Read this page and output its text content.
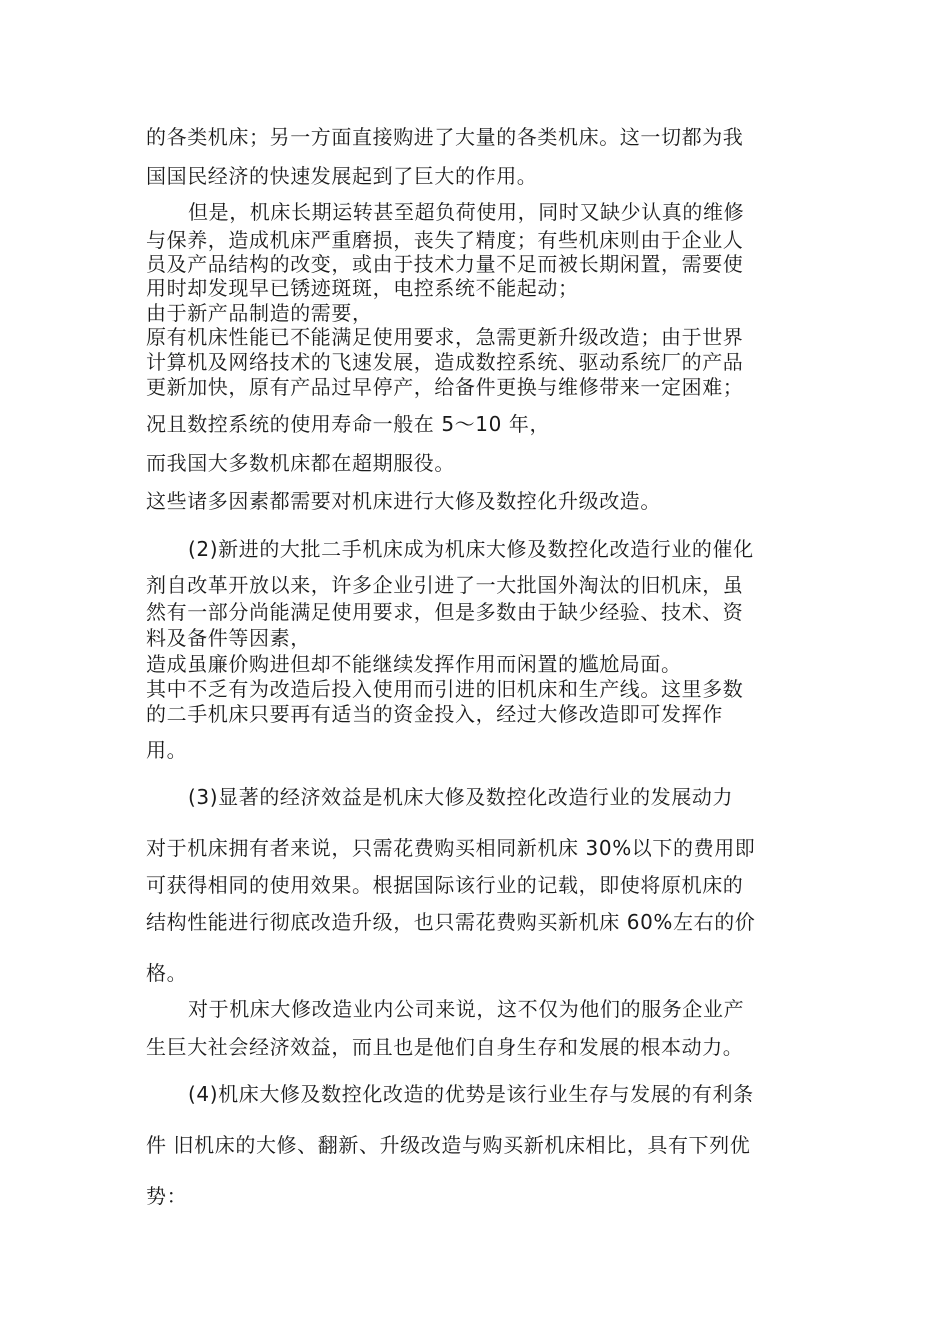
的各类机床；另一方面直接购进了大量的各类机床。这一切都为我
国国民经济的快速发展起到了巨大的作用。
但是，机床长期运转甚至超负荷使用，同时又缺少认真的维修
与保养，造成机床严重磨损，丧失了精度；有些机床则由于企业人
员及产品结构的改变，或由于技术力量不足而被长期闲置，需要使
用时却发现早已锈迹斑斑，电控系统不能起动；
由于新产品制造的需要，
原有机床性能已不能满足使用要求，急需更新升级改造；由于世界
计算机及网络技术的飞速发展，造成数控系统、驱动系统厂的产品
更新加快，原有产品过早停产，给备件更换与维修带来一定困难；
况且数控系统的使用寿命一般在 5～10 年，
而我国大多数机床都在超期服役。
这些诸多因素都需要对机床进行大修及数控化升级改造。
(2)新进的大批二手机床成为机床大修及数控化改造行业的催化
剂自改革开放以来，许多企业引进了一大批国外淘汰的旧机床，虽
然有一部分尚能满足使用要求，但是多数由于缺少经验、技术、资
料及备件等因素，
造成虽廉价购进但却不能继续发挥作用而闲置的尴尬局面。
其中不乏有为改造后投入使用而引进的旧机床和生产线。这里多数
的二手机床只要再有适当的资金投入，经过大修改造即可发挥作
用。
(3)显著的经济效益是机床大修及数控化改造行业的发展动力
对于机床拥有者来说，只需花费购买相同新机床 30%以下的费用即
可获得相同的使用效果。根据国际该行业的记载，即使将原机床的
结构性能进行彻底改造升级，也只需花费购买新机床 60%左右的价
格。
对于机床大修改造业内公司来说，这不仅为他们的服务企业产
生巨大社会经济效益，而且也是他们自身生存和发展的根本动力。
(4)机床大修及数控化改造的优势是该行业生存与发展的有利条
件 旧机床的大修、翻新、升级改造与购买新机床相比，具有下列优
势：
